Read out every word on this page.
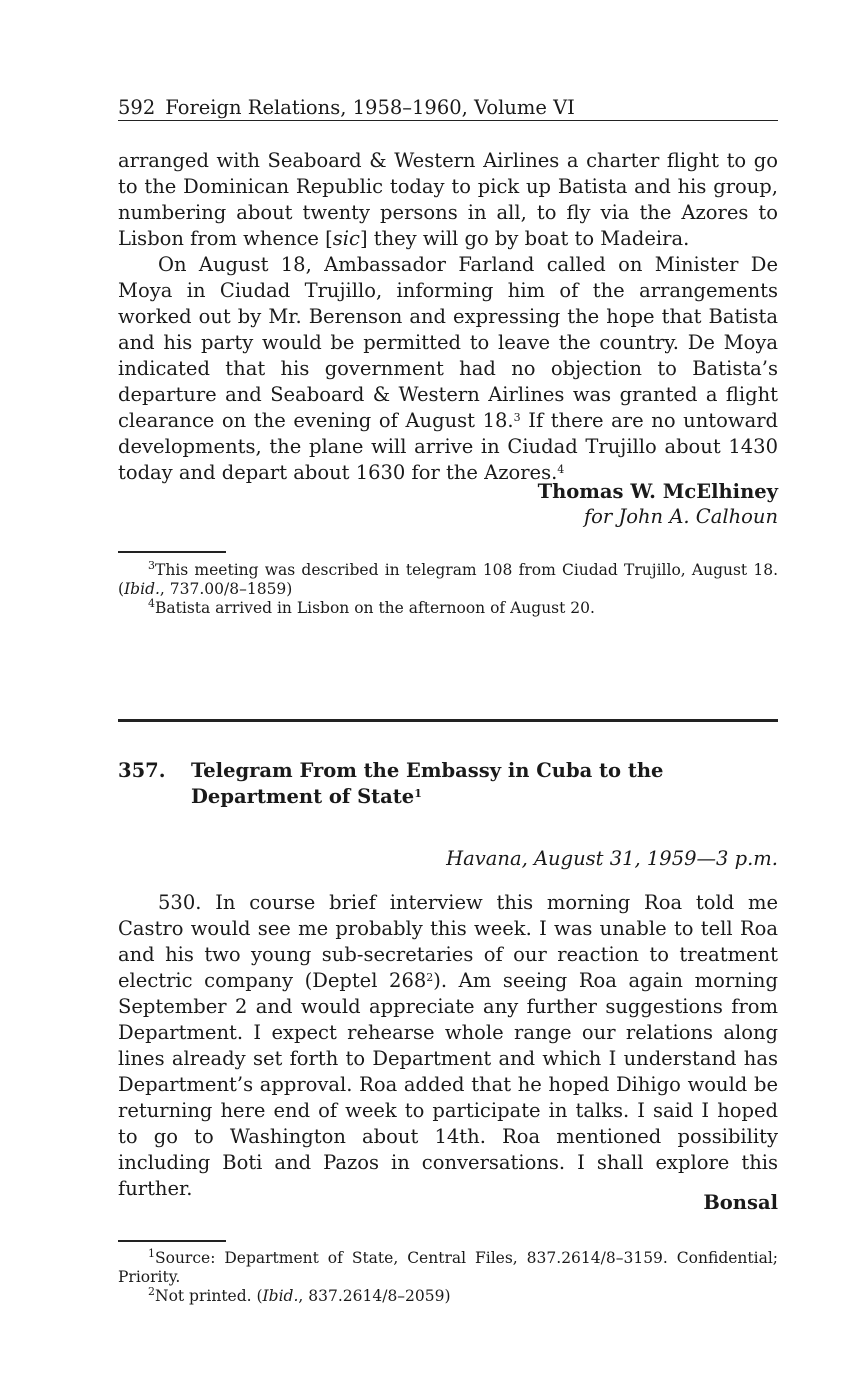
592 Foreign Relations, 1958–1960, Volume VI

arranged with Seaboard & Western Airlines a charter flight to go to the Dominican Republic today to pick up Batista and his group, numbering about twenty persons in all, to fly via the Azores to Lisbon from whence [sic] they will go by boat to Madeira.

On August 18, Ambassador Farland called on Minister De Moya in Ciudad Trujillo, informing him of the arrangements worked out by Mr. Berenson and expressing the hope that Batista and his party would be permitted to leave the country. De Moya indicated that his government had no objection to Batista’s departure and Seaboard & Western Airlines was granted a flight clearance on the evening of August 18.$^3$ If there are no untoward developments, the plane will arrive in Ciudad Trujillo about 1430 today and depart about 1630 for the Azores.$^4$

Thomas W. McElhiney
for John A. Calhoun

$^3$This meeting was described in telegram 108 from Ciudad Trujillo, August 18. (Ibid., 737.00/8–1859)

$^4$Batista arrived in Lisbon on the afternoon of August 20.

357. Telegram From the Embassy in Cuba to the Department of State$^1$
Havana, August 31, 1959—3 p.m.

530. In course brief interview this morning Roa told me Castro would see me probably this week. I was unable to tell Roa and his two young sub-secretaries of our reaction to treatment electric company (Deptel $268^2$). Am seeing Roa again morning September 2 and would appreciate any further suggestions from Department. I expect rehearse whole range our relations along lines already set forth to Department and which I understand has Department’s approval. Roa added that he hoped Dihigo would be returning here end of week to participate in talks. I said I hoped to go to Washington about 14th. Roa mentioned possibility including Boti and Pazos in conversations. I shall explore this further.

Bonsal

$^1$Source: Department of State, Central Files, 837.2614/8–3159. Confidential; Priority.

$^2$Not printed. (Ibid., 837.2614/8–2059)
